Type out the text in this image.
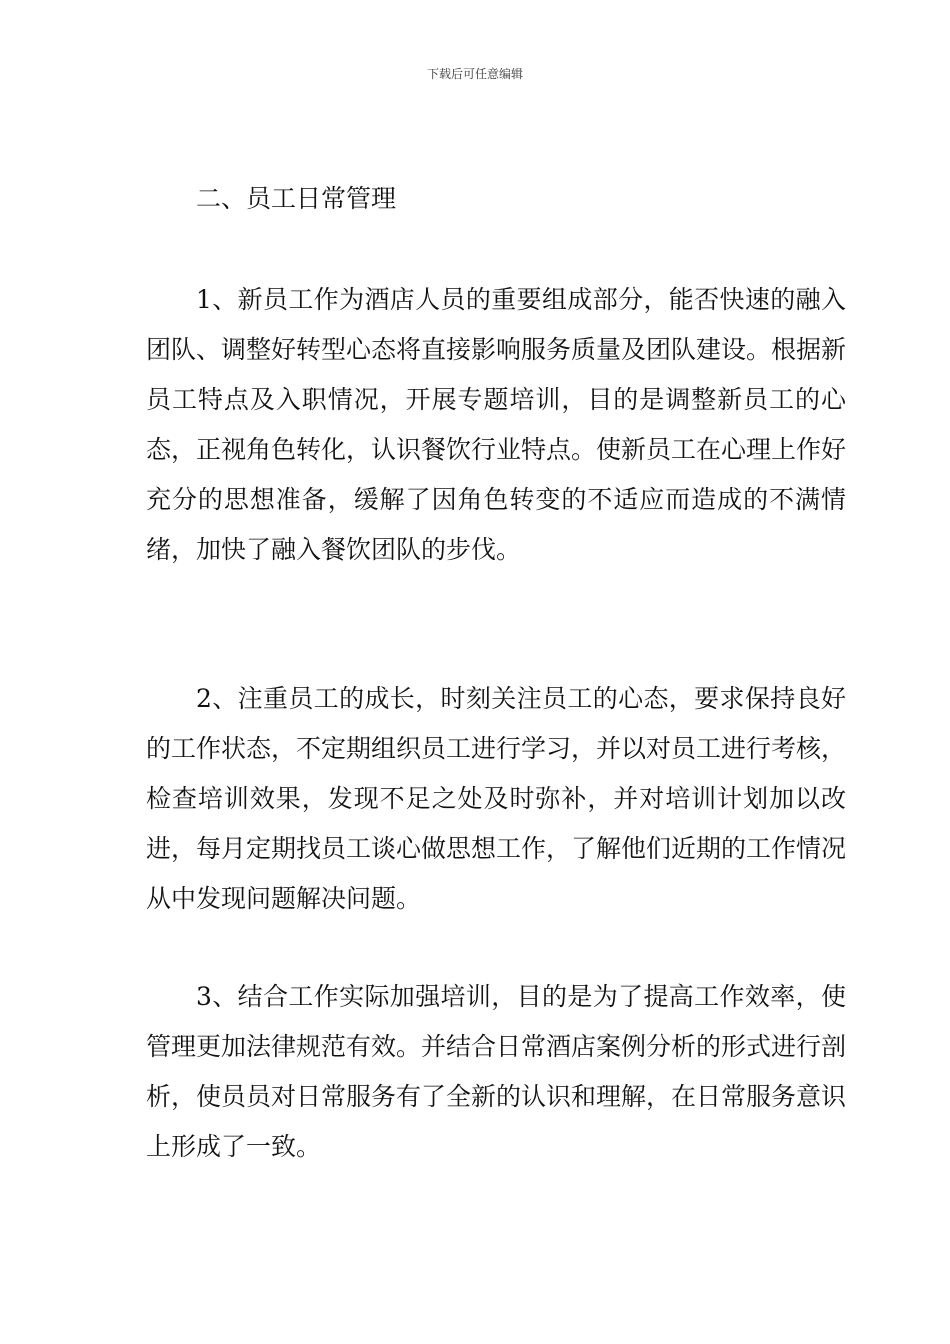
下载后可任意编辑
二、员工日常管理

1、新员工作为酒店人员的重要组成部分，能否快速的融入团队、调整好转型心态将直接影响服务质量及团队建设。根据新员工特点及入职情况，开展专题培训，目的是调整新员工的心态，正视角色转化，认识餐饮行业特点。使新员工在心理上作好充分的思想准备，缓解了因角色转变的不适应而造成的不满情绪，加快了融入餐饮团队的步伐。

2、注重员工的成长，时刻关注员工的心态，要求保持良好的工作状态，不定期组织员工进行学习，并以对员工进行考核，检查培训效果，发现不足之处及时弥补，并对培训计划加以改进，每月定期找员工谈心做思想工作，了解他们近期的工作情况从中发现问题解决问题。

3、结合工作实际加强培训，目的是为了提高工作效率，使管理更加法律规范有效。并结合日常酒店案例分析的形式进行剖析，使员员对日常服务有了全新的认识和理解，在日常服务意识上形成了一致。
